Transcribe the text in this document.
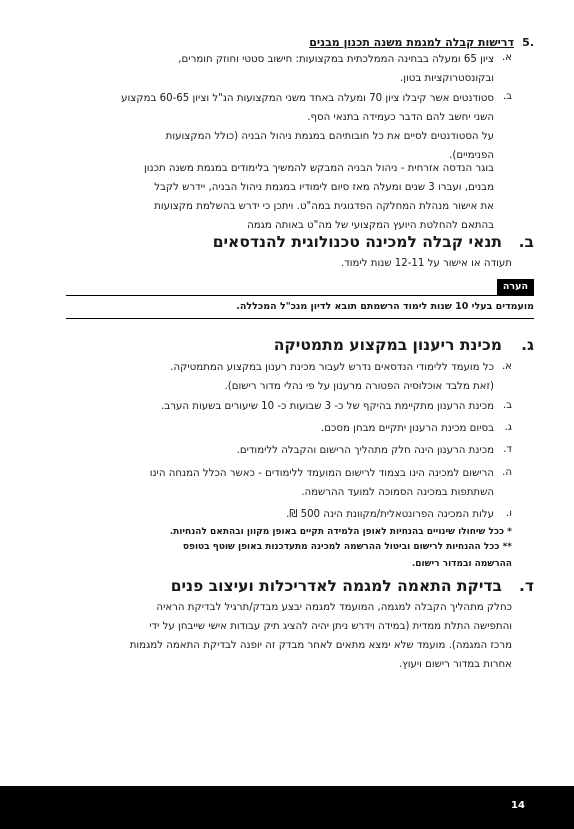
.5
דרישות קבלה למגמת משנה תכנון מבנים
א.
ציון 65 ומעלה בבחינה הממלכתית במקצועות: חישוב סטטי וחוזק חומרים,
ובקונסטרוקציות בטון.
ב.
סטודנטים אשר קיבלו ציון 70 ומעלה באחד משני המקצועות הנ"ל וציון 60-65 במקצוע
השני יחשב להם הדבר כעמידה בתנאי הסף.
על הסטודנטים לסיים את כל חובותיהם במגמת ניהול הבניה (כולל המקצועות
הפנימיים).
בוגר הנדסה אזרחית - ניהול הבניה המבקש להמשיך בלימודים במגמת משנה תכנון
מבנים, ועברו 3 שנים ומעלה מאז סיום לימודיו במגמת ניהול הבניה, יידרש לקבל
את אישור מנהלת המחלקה הפדגוגית במה"ט. ויתכן כי ידרש בהשלמת מקצועות
בהתאם להחלטת היועץ המקצועי של מה"ט באותה מגמה
ב.
תנאי קבלה למכינה טכנולוגית להנדסאים
תעודה או אישור על 12-11 שנות לימוד.
הערה
מועמדים בעלי 10 שנות לימוד הרשמתם תובא לדיון מנכ"ל המכללה.
ג.
מכינת ריענון במקצוע מתמטיקה
א.
כל מועמד ללימודי הנדסאים נדרש לעבור מכינת רענון במקצוע המתמטיקה.
(זאת מלבד אוכלוסיה הפטורה מרענון על פי נהלי מדור רישום).
ב.
מכינת הרענון מתקיימת בהיקף של כ- 3 שבועות כ- 10 שיעורים בשעות הערב.
ג.
בסיום מכינת הרענון יתקיים מבחן מסכם.
ד.
מכינת הרענון הינה חלק מתהליך הרישום והקבלה ללימודים.
ה.
הרישום למכינה הינו בצמוד לרישום המועמד ללימודים - כאשר הכלל המנחה הינו
השתתפות במכינה הסמוכה למועד ההרשמה.
ו.
עלות המכינה הפרונטאלית/מקוונת הינה 500 ₪.
* ככל שיחולו שינויים בהנחיות לאופן הלמידה תקיים באופן מקוון ובהתאם להנחיות.
** ככל ההנחיות לרישום וביטול ההרשמה למכינה מתעדכנות באופן שוטף בטופס
ההרשמה ובמדור רישום.
ד.
בדיקת התאמה למגמה לאדריכלות ועיצוב פנים
כחלק מתהליך הקבלה למגמה, המועמד למגמה יבצע מבדק/תרגיל לבדיקת הראיה
והתפישה התלת ממדית (במידה וידרש ניתן יהיה להציג תיק עבודות אישי שייבחן על ידי
מרכז המגמה). מועמד שלא ימצא מתאים לאחר מבדק זה יופנה לבדיקת התאמה למגמות
אחרות במדור רישום ויעוץ.
14
